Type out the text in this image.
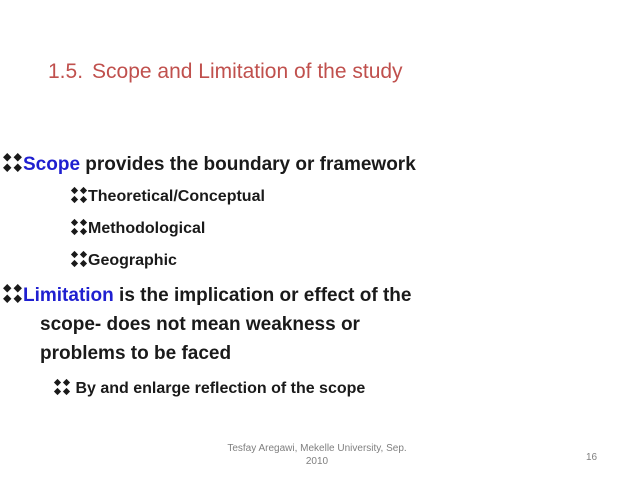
1.5. Scope and Limitation of the study
Scope provides the boundary or framework
Theoretical/Conceptual
Methodological
Geographic
Limitation is the implication or effect of the
scope- does not mean weakness or
problems to be faced
By and enlarge reflection of the scope
Tesfay Aregawi, Mekelle University, Sep.
2010	16
